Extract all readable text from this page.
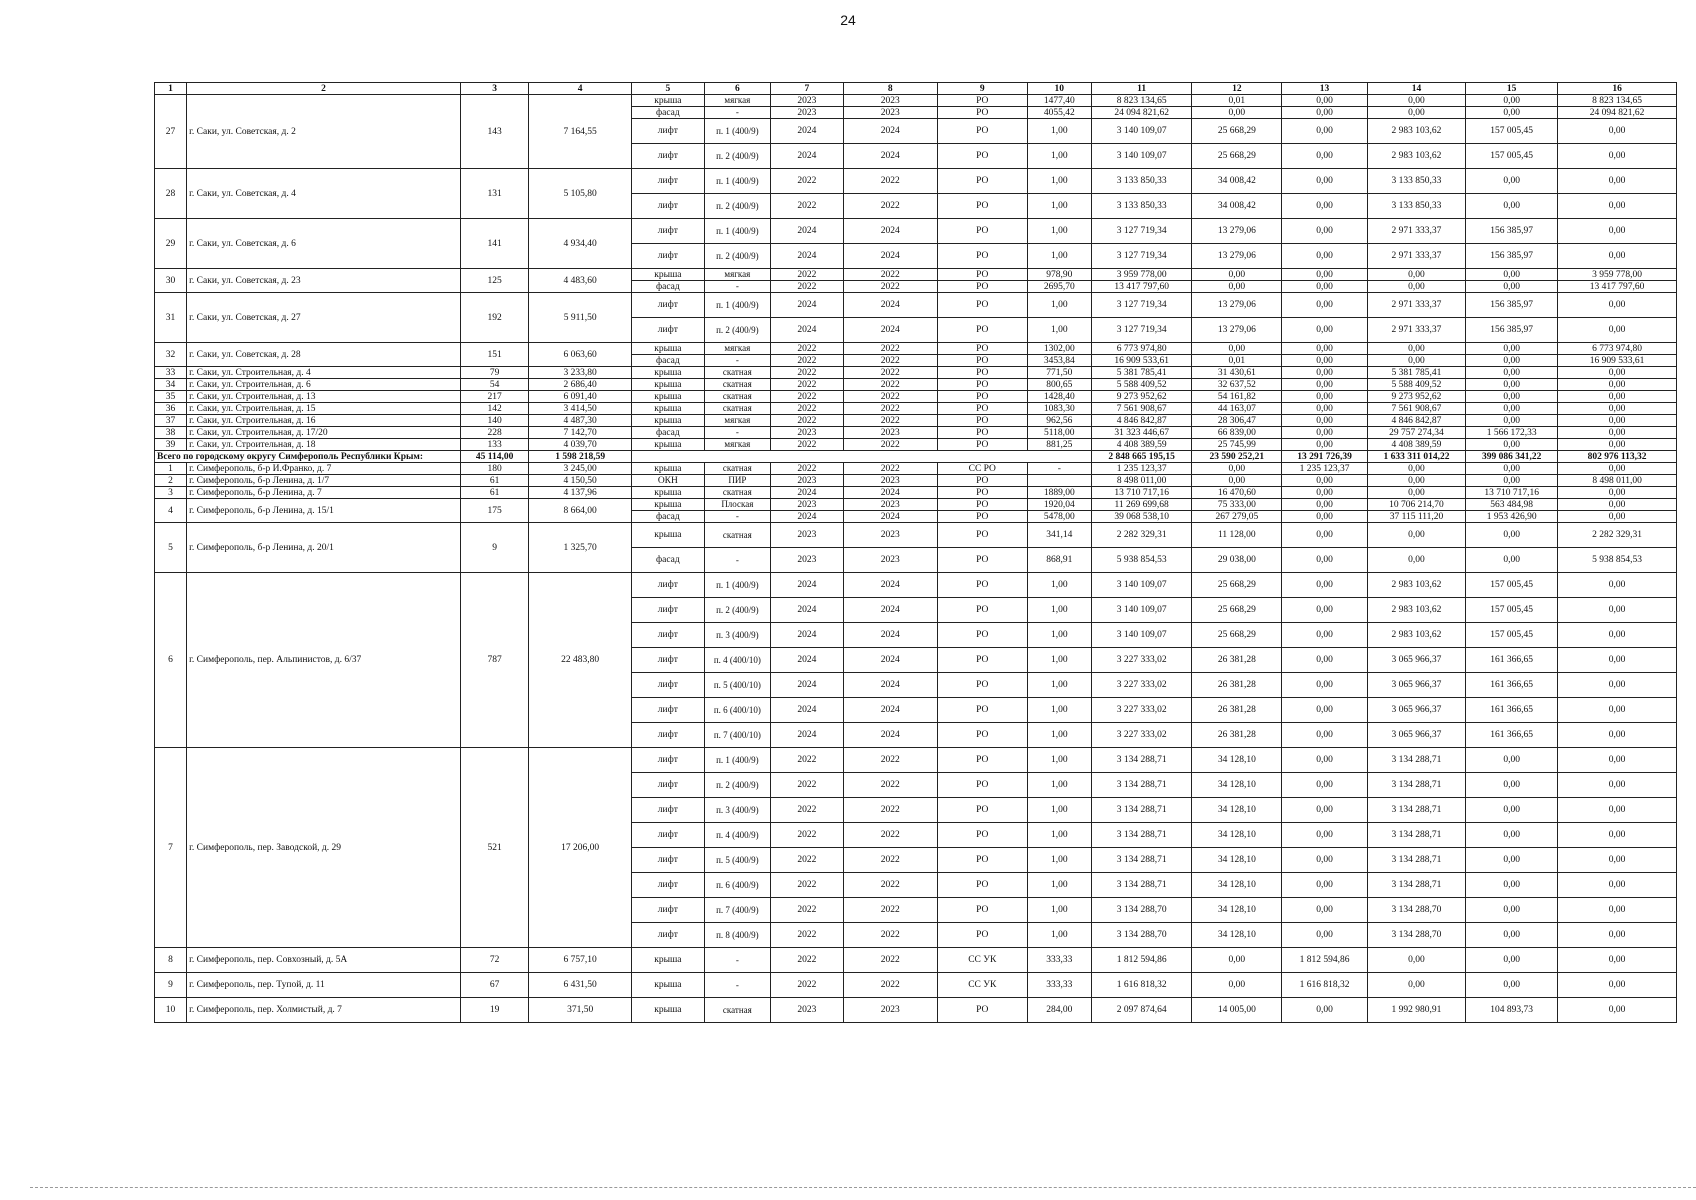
24
1	2	3	4	5	6	7	8	9	10	11	12	13	14	15	16
27	г. Саки, ул. Советская, д. 2	143	7 164,55	крыша	мягкая	2023	2023	РО	1477,40	8 823 134,65	0,01	0,00	0,00	0,00	8 823 134,65
				фасад	-	2023	2023	РО	4055,42	24 094 821,62	0,00	0,00	0,00	0,00	24 094 821,62
				лифт	п. 1 (400/9)	2024	2024	РО	1,00	3 140 109,07	25 668,29	0,00	2 983 103,62	157 005,45	0,00
				лифт	п. 2 (400/9)	2024	2024	РО	1,00	3 140 109,07	25 668,29	0,00	2 983 103,62	157 005,45	0,00
28	г. Саки, ул. Советская, д. 4	131	5 105,80	лифт	п. 1 (400/9)	2022	2022	РО	1,00	3 133 850,33	34 008,42	0,00	3 133 850,33	0,00	0,00
				лифт	п. 2 (400/9)	2022	2022	РО	1,00	3 133 850,33	34 008,42	0,00	3 133 850,33	0,00	0,00
29	г. Саки, ул. Советская, д. 6	141	4 934,40	лифт	п. 1 (400/9)	2024	2024	РО	1,00	3 127 719,34	13 279,06	0,00	2 971 333,37	156 385,97	0,00
				лифт	п. 2 (400/9)	2024	2024	РО	1,00	3 127 719,34	13 279,06	0,00	2 971 333,37	156 385,97	0,00
30	г. Саки, ул. Советская, д. 23	125	4 483,60	крыша	мягкая	2022	2022	РО	978,90	3 959 778,00	0,00	0,00	0,00	0,00	3 959 778,00
				фасад	-	2022	2022	РО	2695,70	13 417 797,60	0,00	0,00	0,00	0,00	13 417 797,60
31	г. Саки, ул. Советская, д. 27	192	5 911,50	лифт	п. 1 (400/9)	2024	2024	РО	1,00	3 127 719,34	13 279,06	0,00	2 971 333,37	156 385,97	0,00
				лифт	п. 2 (400/9)	2024	2024	РО	1,00	3 127 719,34	13 279,06	0,00	2 971 333,37	156 385,97	0,00
32	г. Саки, ул. Советская, д. 28	151	6 063,60	крыша	мягкая	2022	2022	РО	1302,00	6 773 974,80	0,00	0,00	0,00	0,00	6 773 974,80
				фасад	-	2022	2022	РО	3453,84	16 909 533,61	0,01	0,00	0,00	0,00	16 909 533,61
33	г. Саки, ул. Строительная, д. 4	79	3 233,80	крыша	скатная	2022	2022	РО	771,50	5 381 785,41	31 430,61	0,00	5 381 785,41	0,00	0,00
34	г. Саки, ул. Строительная, д. 6	54	2 686,40	крыша	скатная	2022	2022	РО	800,65	5 588 409,52	32 637,52	0,00	5 588 409,52	0,00	0,00
35	г. Саки, ул. Строительная, д. 13	217	6 091,40	крыша	скатная	2022	2022	РО	1428,40	9 273 952,62	54 161,82	0,00	9 273 952,62	0,00	0,00
36	г. Саки, ул. Строительная, д. 15	142	3 414,50	крыша	скатная	2022	2022	РО	1083,30	7 561 908,67	44 163,07	0,00	7 561 908,67	0,00	0,00
37	г. Саки, ул. Строительная, д. 16	140	4 487,30	крыша	мягкая	2022	2022	РО	962,56	4 846 842,87	28 306,47	0,00	4 846 842,87	0,00	0,00
38	г. Саки, ул. Строительная, д. 17/20	228	7 142,70	фасад	-	2023	2023	РО	5118,00	31 323 446,67	66 839,00	0,00	29 757 274,34	1 566 172,33	0,00
39	г. Саки, ул. Строительная, д. 18	133	4 039,70	крыша	мягкая	2022	2022	РО	881,25	4 408 389,59	25 745,99	0,00	4 408 389,59	0,00	0,00
Всего по городскому округу Симферополь Республики Крым:		45 114,00	1 598 218,59							2 848 665 195,15	23 590 252,21	13 291 726,39	1 633 311 014,22	399 086 341,22	802 976 113,32
1	г. Симферополь, б-р И.Франко, д. 7	180	3 245,00	крыша	скатная	2022	2022	СС РО	-	1 235 123,37	0,00	1 235 123,37	0,00	0,00	0,00
2	г. Симферополь, б-р Ленина, д. 1/7	61	4 150,50	ОКН	ПИР	2023	2023	РО		8 498 011,00	0,00	0,00	0,00	0,00	8 498 011,00
3	г. Симферополь, б-р Ленина, д. 7	61	4 137,96	крыша	скатная	2024	2024	РО	1889,00	13 710 717,16	16 470,60	0,00	0,00	13 710 717,16	0,00
4	г. Симферополь, б-р Ленина, д. 15/1	175	8 664,00	крыша	Плоская	2023	2023	РО	1920,04	11 269 699,68	75 333,00	0,00	10 706 214,70	563 484,98	0,00
				фасад	-	2024	2024	РО	5478,00	39 068 538,10	267 279,05	0,00	37 115 111,20	1 953 426,90	0,00
5	г. Симферополь, б-р Ленина, д. 20/1	9	1 325,70	крыша	скатная	2023	2023	РО	341,14	2 282 329,31	11 128,00	0,00	0,00	0,00	2 282 329,31
				фасад	-	2023	2023	РО	868,91	5 938 854,53	29 038,00	0,00	0,00	0,00	5 938 854,53
6	г. Симферополь, пер. Альпинистов, д. 6/37	787	22 483,80	лифт	п. 1 (400/9)	2024	2024	РО	1,00	3 140 109,07	25 668,29	0,00	2 983 103,62	157 005,45	0,00
				лифт	п. 2 (400/9)	2024	2024	РО	1,00	3 140 109,07	25 668,29	0,00	2 983 103,62	157 005,45	0,00
				лифт	п. 3 (400/9)	2024	2024	РО	1,00	3 140 109,07	25 668,29	0,00	2 983 103,62	157 005,45	0,00
				лифт	п. 4 (400/10)	2024	2024	РО	1,00	3 227 333,02	26 381,28	0,00	3 065 966,37	161 366,65	0,00
				лифт	п. 5 (400/10)	2024	2024	РО	1,00	3 227 333,02	26 381,28	0,00	3 065 966,37	161 366,65	0,00
				лифт	п. 6 (400/10)	2024	2024	РО	1,00	3 227 333,02	26 381,28	0,00	3 065 966,37	161 366,65	0,00
				лифт	п. 7 (400/10)	2024	2024	РО	1,00	3 227 333,02	26 381,28	0,00	3 065 966,37	161 366,65	0,00
7	г. Симферополь, пер. Заводской, д. 29	521	17 206,00	лифт	п. 1 (400/9)	2022	2022	РО	1,00	3 134 288,71	34 128,10	0,00	3 134 288,71	0,00	0,00
				лифт	п. 2 (400/9)	2022	2022	РО	1,00	3 134 288,71	34 128,10	0,00	3 134 288,71	0,00	0,00
				лифт	п. 3 (400/9)	2022	2022	РО	1,00	3 134 288,71	34 128,10	0,00	3 134 288,71	0,00	0,00
				лифт	п. 4 (400/9)	2022	2022	РО	1,00	3 134 288,71	34 128,10	0,00	3 134 288,71	0,00	0,00
				лифт	п. 5 (400/9)	2022	2022	РО	1,00	3 134 288,71	34 128,10	0,00	3 134 288,71	0,00	0,00
				лифт	п. 6 (400/9)	2022	2022	РО	1,00	3 134 288,71	34 128,10	0,00	3 134 288,71	0,00	0,00
				лифт	п. 7 (400/9)	2022	2022	РО	1,00	3 134 288,70	34 128,10	0,00	3 134 288,70	0,00	0,00
				лифт	п. 8 (400/9)	2022	2022	РО	1,00	3 134 288,70	34 128,10	0,00	3 134 288,70	0,00	0,00
8	г. Симферополь, пер. Совхозный, д. 5А	72	6 757,10	крыша	-	2022	2022	СС УК	333,33	1 812 594,86	0,00	1 812 594,86	0,00	0,00	0,00
9	г. Симферополь, пер. Тупой, д. 11	67	6 431,50	крыша	-	2022	2022	СС УК	333,33	1 616 818,32	0,00	1 616 818,32	0,00	0,00	0,00
10	г. Симферополь, пер. Холмистый, д. 7	19	371,50	крыша	скатная	2023	2023	РО	284,00	2 097 874,64	14 005,00	0,00	1 992 980,91	104 893,73	0,00
